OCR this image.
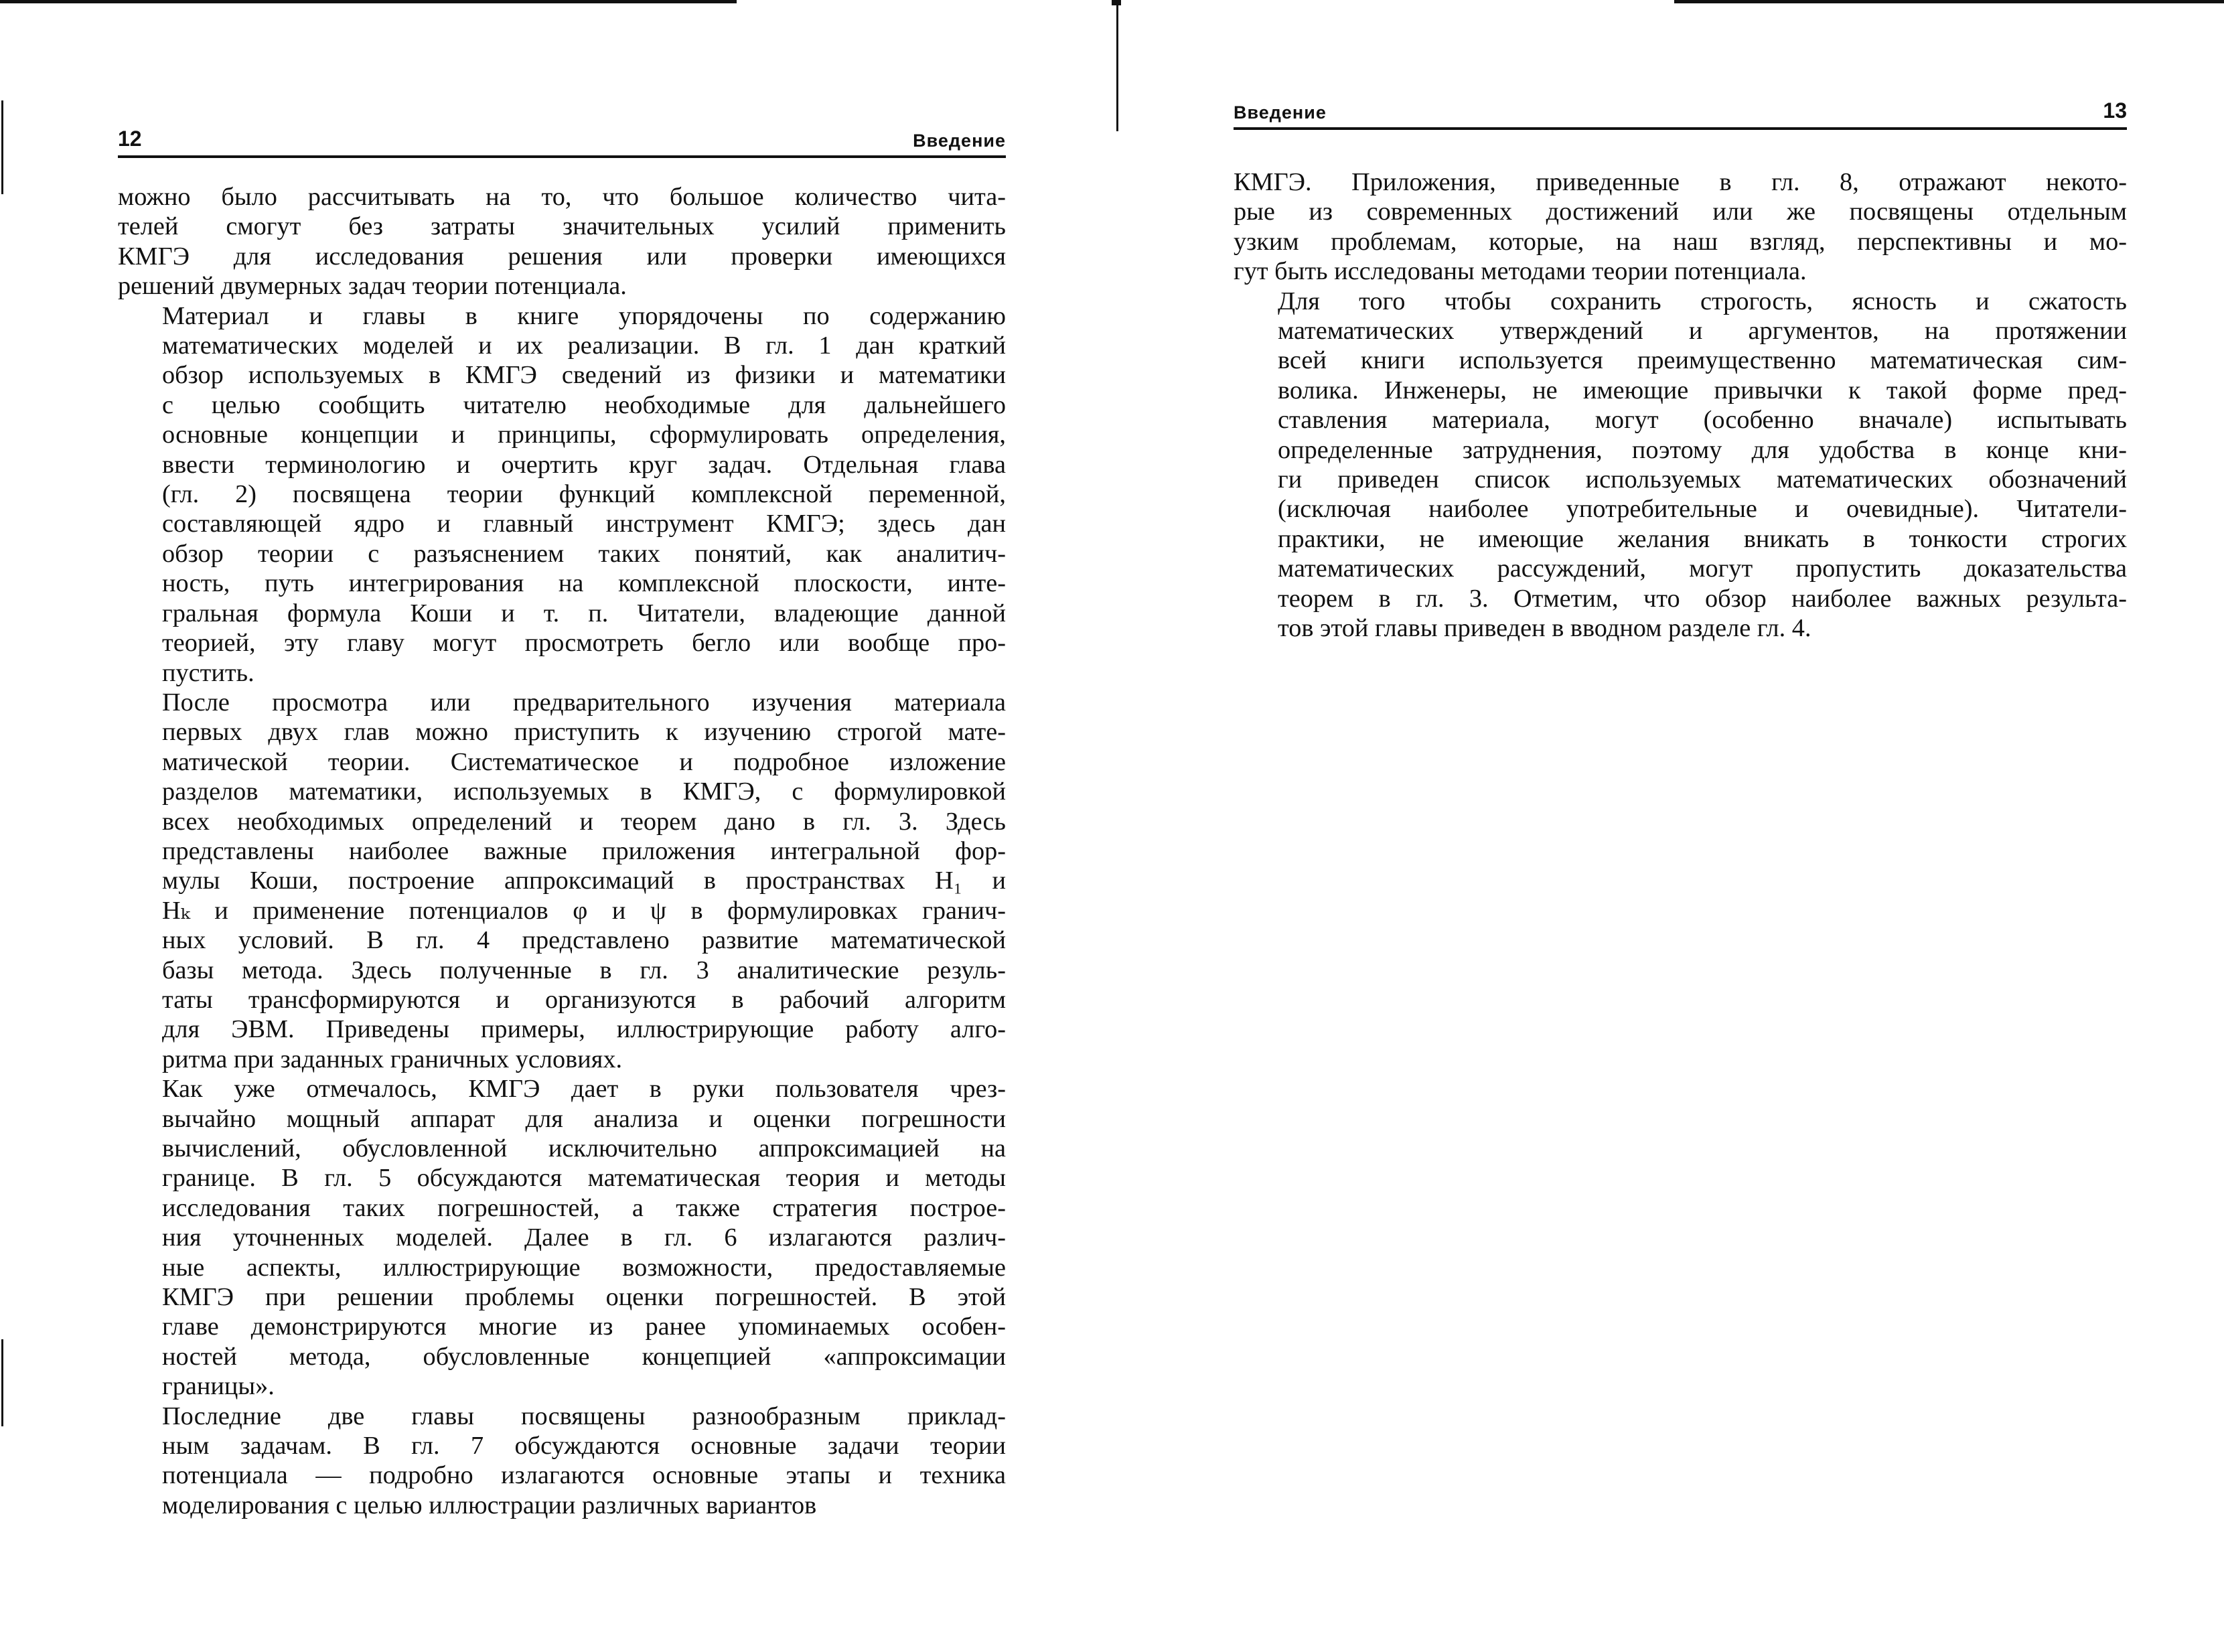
12	Введение
можно было рассчитывать на то, что большое количество чита-
телей смогут без затраты значительных усилий применить
КМГЭ для исследования решения или проверки имеющихся
решений двумерных задач теории потенциала.
Материал и главы в книге упорядочены по содержанию
математических моделей и их реализации. В гл. 1 дан краткий
обзор используемых в КМГЭ сведений из физики и математики
с целью сообщить читателю необходимые для дальнейшего
основные концепции и принципы, сформулировать определения,
ввести терминологию и очертить круг задач. Отдельная глава
(гл. 2) посвящена теории функций комплексной переменной,
составляющей ядро и главный инструмент КМГЭ; здесь дан
обзор теории с разъяснением таких понятий, как аналитич-
ность, путь интегрирования на комплексной плоскости, инте-
гральная формула Коши и т. п. Читатели, владеющие данной
теорией, эту главу могут просмотреть бегло или вообще про-
пустить.
После просмотра или предварительного изучения материала
первых двух глав можно приступить к изучению строгой мате-
матической теории. Систематическое и подробное изложение
разделов математики, используемых в КМГЭ, с формулировкой
всех необходимых определений и теорем дано в гл. 3. Здесь
представлены наиболее важные приложения интегральной фор-
мулы Коши, построение аппроксимаций в пространствах H₁ и
Hₖ и применение потенциалов φ и ψ в формулировках гранич-
ных условий. В гл. 4 представлено развитие математической
базы метода. Здесь полученные в гл. 3 аналитические резуль-
таты трансформируются и организуются в рабочий алгоритм
для ЭВМ. Приведены примеры, иллюстрирующие работу алго-
ритма при заданных граничных условиях.
Как уже отмечалось, КМГЭ дает в руки пользователя чрез-
вычайно мощный аппарат для анализа и оценки погрешности
вычислений, обусловленной исключительно аппроксимацией на
границе. В гл. 5 обсуждаются математическая теория и методы
исследования таких погрешностей, а также стратегия построе-
ния уточненных моделей. Далее в гл. 6 излагаются различ-
ные аспекты, иллюстрирующие возможности, предоставляемые
КМГЭ при решении проблемы оценки погрешностей. В этой
главе демонстрируются многие из ранее упоминаемых особен-
ностей метода, обусловленные концепцией «аппроксимации
границы».
Последние две главы посвящены разнообразным приклад-
ным задачам. В гл. 7 обсуждаются основные задачи теории
потенциала — подробно излагаются основные этапы и техника
моделирования с целью иллюстрации различных вариантов
Введение	13
КМГЭ. Приложения, приведенные в гл. 8, отражают некото-
рые из современных достижений или же посвящены отдельным
узким проблемам, которые, на наш взгляд, перспективны и мо-
гут быть исследованы методами теории потенциала.
Для того чтобы сохранить строгость, ясность и сжатость
математических утверждений и аргументов, на протяжении
всей книги используется преимущественно математическая сим-
волика. Инженеры, не имеющие привычки к такой форме пред-
ставления материала, могут (особенно вначале) испытывать
определенные затруднения, поэтому для удобства в конце кни-
ги приведен список используемых математических обозначений
(исключая наиболее употребительные и очевидные). Читатели-
практики, не имеющие желания вникать в тонкости строгих
математических рассуждений, могут пропустить доказательства
теорем в гл. 3. Отметим, что обзор наиболее важных результа-
тов этой главы приведен в вводном разделе гл. 4.
